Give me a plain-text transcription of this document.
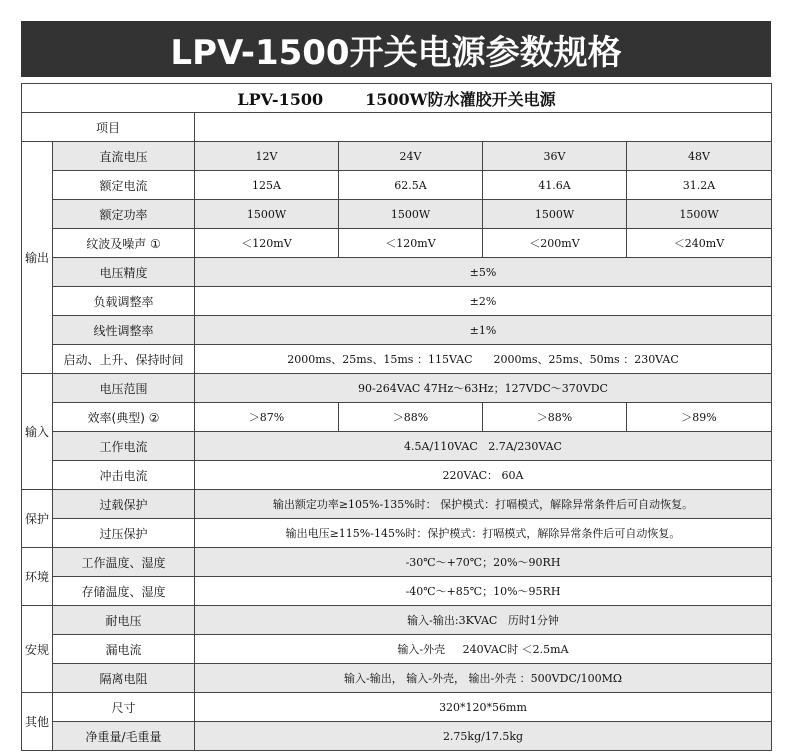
LPV-1500开关电源参数规格
LPV-1500 1500W防水灌胶开关电源					
项目					
输出	直流电压	12V	24V	36V	48V
	额定电流	125A	62.5A	41.6A	31.2A
	额定功率	1500W	1500W	1500W	1500W
	纹波及噪声 ①	＜120mV	＜120mV	＜200mV	＜240mV
	电压精度	±5%			
	负载调整率	±2%			
	线性调整率	±1%			
	启动、上升、保持时间	2000ms、25ms、15ms ：115VAC      2000ms、25ms、50ms ：230VAC			
输入	电压范围	90-264VAC 47Hz～63Hz；127VDC～370VDC			
	效率(典型) ②	＞87%	＞88%	＞88%	＞89%
	工作电流	4.5A/110VAC   2.7A/230VAC			
	冲击电流	220VAC： 60A			
保护	过载保护	输出额定功率≥105%-135%时： 保护模式：打嗝模式，解除异常条件后可自动恢复。			
	过压保护	输出电压≥115%-145%时：保护模式：打嗝模式，解除异常条件后可自动恢复。			
环境	工作温度、湿度	-30℃～+70℃；20%～90RH			
	存储温度、湿度	-40℃～+85℃；10%～95RH			
安规	耐电压	输入-输出:3KVAC   历时1分钟			
	漏电流	输入-外壳     240VAC时 ＜2.5mA			
	隔离电阻	输入-输出， 输入-外壳， 输出-外壳 ：500VDC/100MΩ			
其他	尺寸	320*120*56mm			
	净重量/毛重量	2.75kg/17.5kg			
